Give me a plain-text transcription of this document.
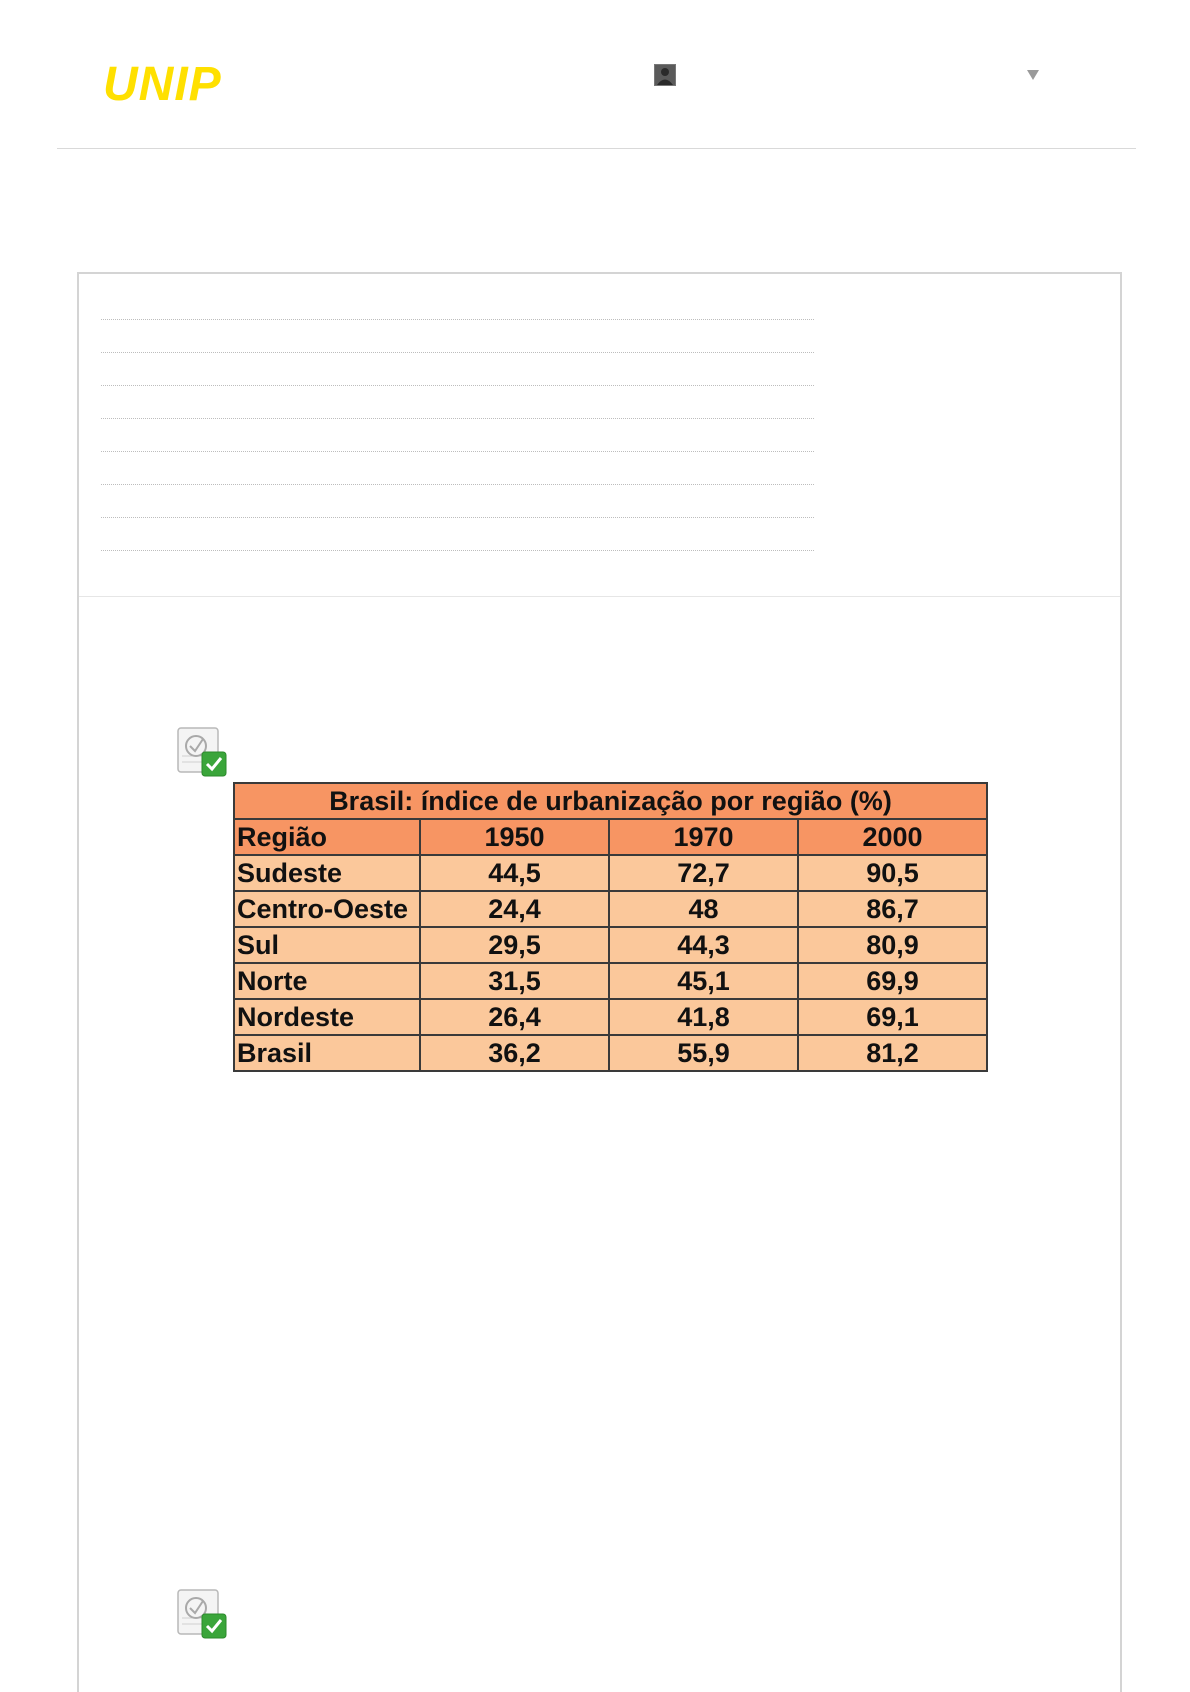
UNIP
Brasil: índice de urbanização por região (%)			
Região	1950	1970	2000
Sudeste	44,5	72,7	90,5
Centro-Oeste	24,4	48	86,7
Sul	29,5	44,3	80,9
Norte	31,5	45,1	69,9
Nordeste	26,4	41,8	69,1
Brasil	36,2	55,9	81,2
